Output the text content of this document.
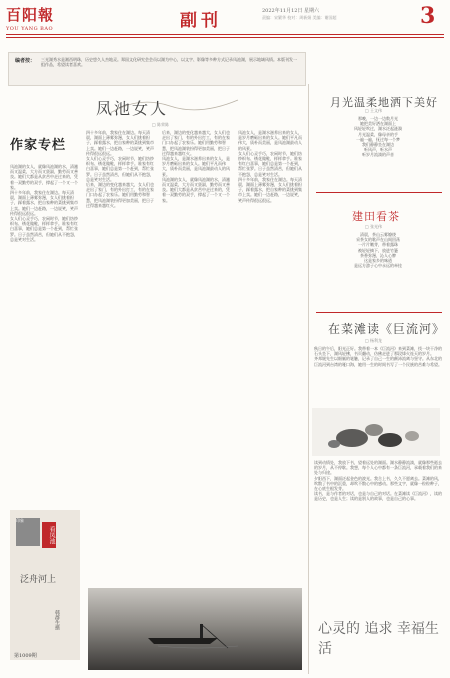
百阳報
YOU YANG BAO	副刊	2022年11月12日 星期六
责编：宋繁华 校对：周新娟 美编：谢国超	3
编者按： 三光湖秀水是湘西明珠，历史悠久人杰地灵。郑国文化研究会会员以湖为中心，以文字、影像等多种方式记录凤池湖，展示地域风情。本版刊发一组作品，希望读者喜欢。
凤池女人
□ 陈荣陈
作家专栏
凤池湖的女人，就像凤池湖的水，清澈而又温柔，大方而又贤淑，勤劳而又善良。她们大都是从贫苦中走过来的，凭着一双勤劳的双手，撑起了一个又一个家。
四十多年前，我家住在湖边。每天清晨，湖面上薄雾弥漫，女人们挑着担子，踩着露水，把自家种的菜挑到集市上卖。她们一边赶路，一边说笑，笑声传得很远很远。
女人们心灵手巧，农闲时节，她们纺纱织布、绣花做鞋，样样拿手。谁家有红白喜事，她们总是第一个赶到，帮忙张罗。日子虽然清苦，但她们从不抱怨，总是笑对生活。
四十多年前，我家住在湖边。每天清晨，湖面上薄雾弥漫，女人们挑着担子，踩着露水，把自家种的菜挑到集市上卖。她们一边赶路，一边说笑，笑声传得很远很远。
女人们心灵手巧，农闲时节，她们纺纱织布、绣花做鞋，样样拿手。谁家有红白喜事，她们总是第一个赶到，帮忙张罗。日子虽然清苦，但她们从不抱怨，总是笑对生活。
后来，湖边的变化越来越大，女人们也走出了家门，有的外出打工，有的在家门口办起了农家乐。她们用勤劳和智慧，把凤池湖装扮得更加美丽，把日子过得越来越红火。
后来，湖边的变化越来越大，女人们也走出了家门，有的外出打工，有的在家门口办起了农家乐。她们用勤劳和智慧，把凤池湖装扮得更加美丽，把日子过得越来越红火。
凤池女人，是湖水滋养出来的女人，是岁月磨砺出来的女人。她们平凡而伟大，质朴而美丽，是凤池湖最动人的风景。
凤池湖的女人，就像凤池湖的水，清澈而又温柔，大方而又贤淑，勤劳而又善良。她们大都是从贫苦中走过来的，凭着一双勤劳的双手，撑起了一个又一个家。
凤池女人，是湖水滋养出来的女人，是岁月磨砺出来的女人。她们平凡而伟大，质朴而美丽，是凤池湖最动人的风景。
女人们心灵手巧，农闲时节，她们纺纱织布、绣花做鞋，样样拿手。谁家有红白喜事，她们总是第一个赶到，帮忙张罗。日子虽然清苦，但她们从不抱怨，总是笑对生活。
四十多年前，我家住在湖边。每天清晨，湖面上薄雾弥漫，女人们挑着担子，踩着露水，把自家种的菜挑到集市上卖。她们一边赶路，一边说笑，笑声传得很远很远。
月光温柔地洒下美好
□ 王文伟
那晚，一边一边数月光
她把美好洒在湖面上
风轻轻吹过，湖水泛起涟漪
月光温柔，像母亲的手
一遍一遍，抚过每一个梦
我们静静坐在湖边
听风声，听水声
听岁月流淌的声音
建田看茶
□ 张光伟
清晨，茶山云雾缭绕
采茶女的歌声在山间回荡
一片片嫩芽，带着露珠
被轻轻摘下，放进竹篓
茶香弥漫，沁人心脾
这是家乡的味道
是远方游子心中永远的牵挂
在菜滩读《巨流河》
□ 杨利龙
秋日的午后，阳光正好。我带着一本《巨流河》来到菜滩，找一块干净的石头坐下，湖风轻拂，书页翻动，仿佛走进了那段烽火连天的岁月。
齐邦媛先生以细腻的笔触，记录了自己一生的颠沛流离与坚守。从东北的巨流河到台湾的哑口海，她用一生的时间书写了一个民族的苦难与希望。
读到动情处，我放下书，望着远处的湖面。湖水静静流淌，就像那些逝去的岁月，从不停歇。我想，每个人心中都有一条巨流河，承载着我们的来处与归途。
夕阳西下，湖面泛起金色的波光。我合上书，久久不愿离去。菜滩的风，吹散了书中的沉重，却吹不散心中的感动。那些文字，就像一粒粒种子，在心底生根发芽。
读书，是与作者的对话，也是与自己的对话。在菜滩读《巨流河》，读的是历史，也是人生；读的是别人的故事，也是自己的心事。
印象
看凤池
泛舟河上
韩群生摄
第1009期
心灵的 追求 幸福生活
